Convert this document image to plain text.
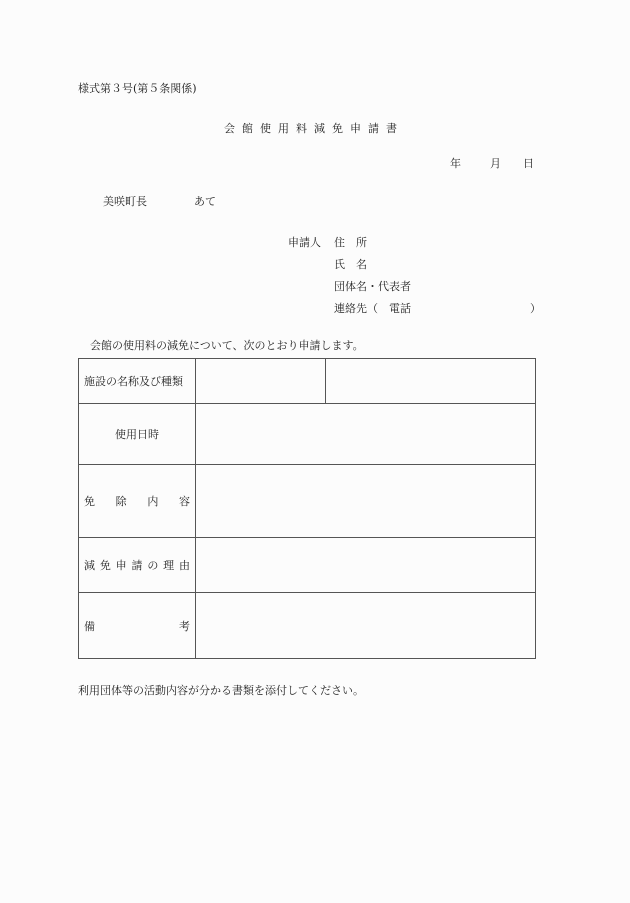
様式第３号(第５条関係)
会館使用料減免申請書
年	月 日
美咲町長	あて
申請人 住　所
氏　名
団体名・代表者
連絡先（　電話	）
会館の使用料の減免について、次のとおり申請します。
施設の名称及び種類
使用日時
免 除 内 容
減 免 申 請 の 理 由
備	考
利用団体等の活動内容が分かる書類を添付してください。
